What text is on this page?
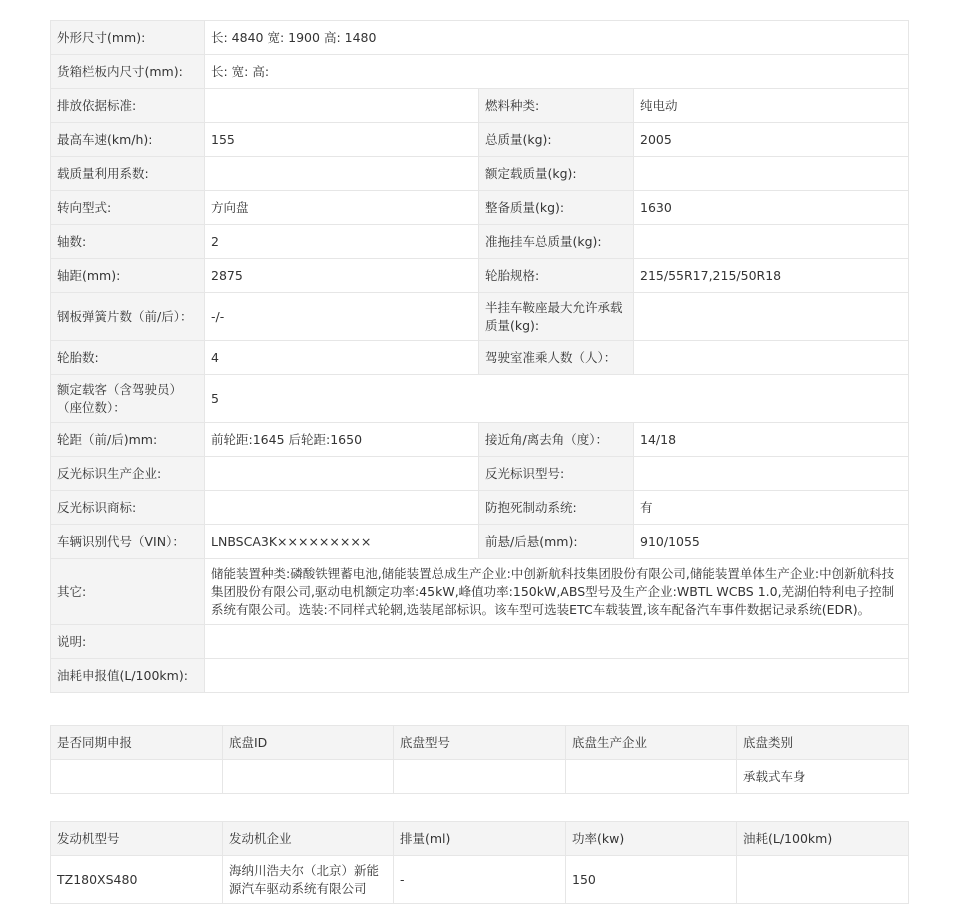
外形尺寸(mm):	长: 4840 宽: 1900 高: 1480		
货箱栏板内尺寸(mm):	长: 宽: 高:		
排放依据标准:		燃料种类:	纯电动
最高车速(km/h):	155	总质量(kg):	2005
载质量利用系数:		额定载质量(kg):	
转向型式:	方向盘	整备质量(kg):	1630
轴数:	2	准拖挂车总质量(kg):	
轴距(mm):	2875	轮胎规格:	215/55R17,215/50R18
钢板弹簧片数（前/后）：	-/-	半挂车鞍座最大允许承载质量(kg):	
轮胎数:	4	驾驶室准乘人数（人）：	
额定载客（含驾驶员）（座位数）：	5		
轮距（前/后)mm:	前轮距:1645 后轮距:1650	接近角/离去角（度）：	14/18
反光标识生产企业:		反光标识型号:	
反光标识商标:		防抱死制动系统:	有
车辆识别代号（VIN）：	LNBSCA3K×××××××××	前悬/后悬(mm):	910/1055
其它:	储能装置种类:磷酸铁锂蓄电池,储能装置总成生产企业:中创新航科技集团股份有限公司,储能装置单体生产企业:中创新航科技集团股份有限公司,驱动电机额定功率:45kW,峰值功率:150kW,ABS型号及生产企业:WBTL WCBS 1.0,芜湖伯特利电子控制系统有限公司。选装:不同样式轮辋,选装尾部标识。该车型可选装ETC车载装置,该车配备汽车事件数据记录系统(EDR)。		
说明:			
油耗申报值(L/100km):			
是否同期申报	底盘ID	底盘型号	底盘生产企业	底盘类别
				承载式车身
发动机型号	发动机企业	排量(ml)	功率(kw)	油耗(L/100km)
TZ180XS480	海纳川浩夫尔（北京）新能源汽车驱动系统有限公司	-	150	
